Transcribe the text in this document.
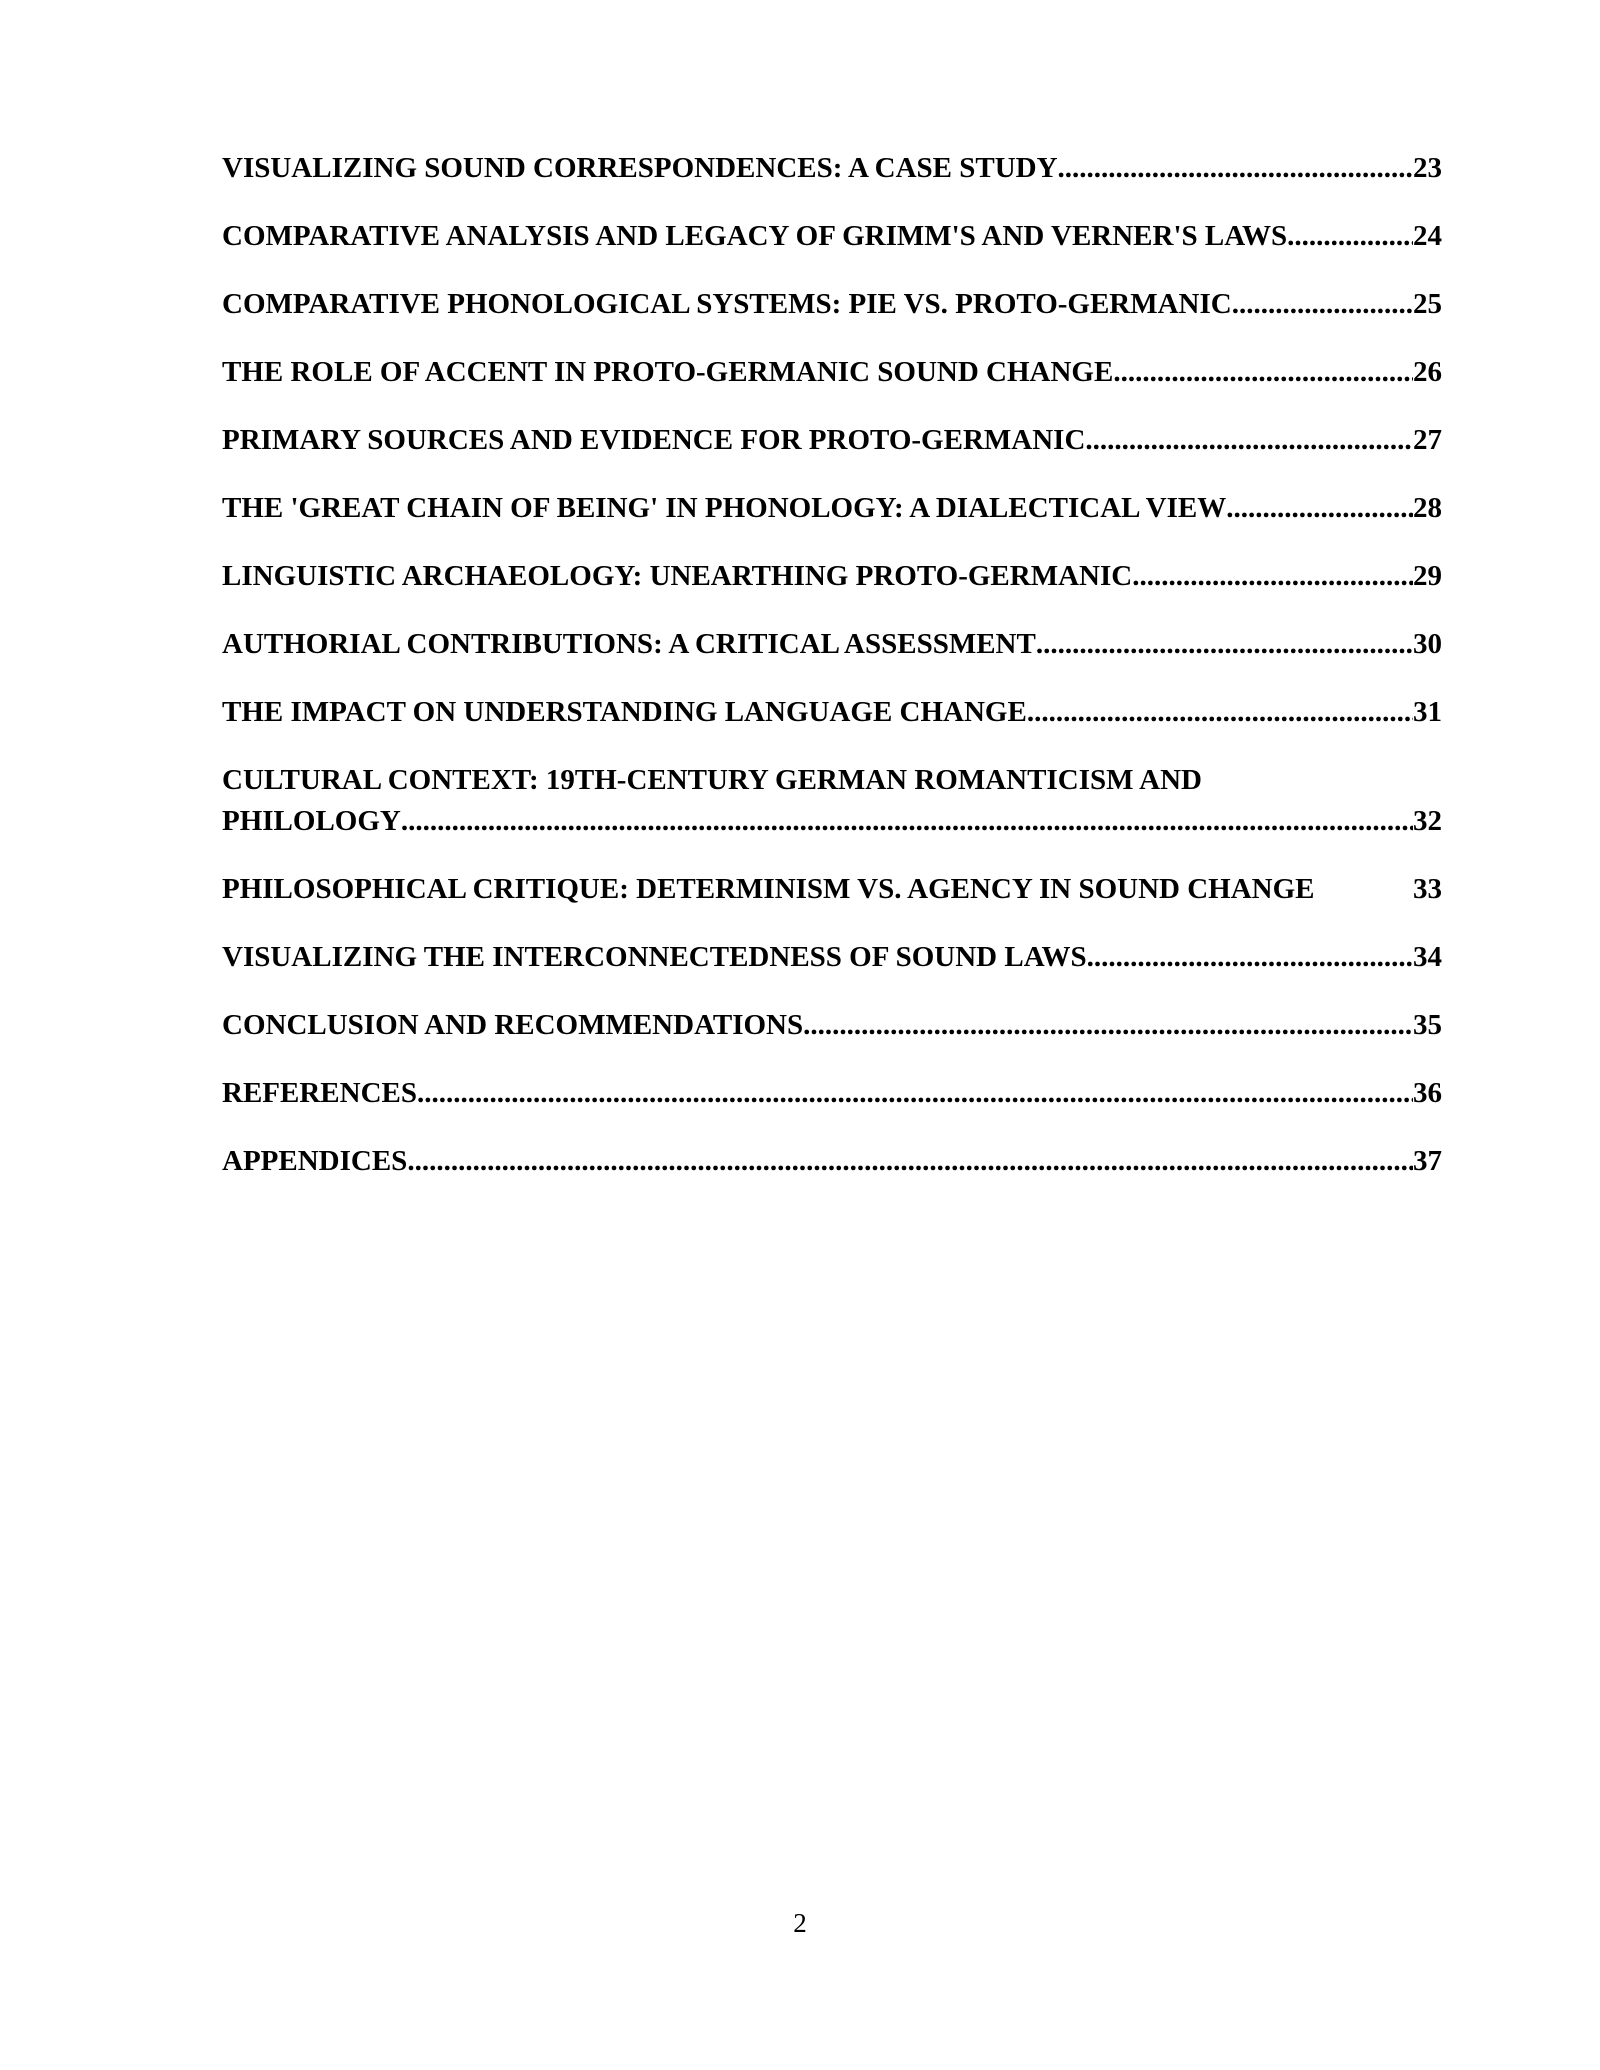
VISUALIZING SOUND CORRESPONDENCES: A CASE STUDY .....	23
COMPARATIVE ANALYSIS AND LEGACY OF GRIMM'S AND VERNER'S LAWS. .....	24
COMPARATIVE PHONOLOGICAL SYSTEMS: PIE VS. PROTO-GERMANIC .....	25
THE ROLE OF ACCENT IN PROTO-GERMANIC SOUND CHANGE .....	26
PRIMARY SOURCES AND EVIDENCE FOR PROTO-GERMANIC .....	27
THE 'GREAT CHAIN OF BEING' IN PHONOLOGY: A DIALECTICAL VIEW .....	28
LINGUISTIC ARCHAEOLOGY: UNEARTHING PROTO-GERMANIC .....	29
AUTHORIAL CONTRIBUTIONS: A CRITICAL ASSESSMENT .....	30
THE IMPACT ON UNDERSTANDING LANGUAGE CHANGE .....	31
CULTURAL CONTEXT: 19TH-CENTURY GERMAN ROMANTICISM AND
PHILOLOGY .....	32
PHILOSOPHICAL CRITIQUE: DETERMINISM VS. AGENCY IN SOUND CHANGE	33
VISUALIZING THE INTERCONNECTEDNESS OF SOUND LAWS .....	34
CONCLUSION AND RECOMMENDATIONS .....	35
REFERENCES .....	36
APPENDICES .....	37
2
